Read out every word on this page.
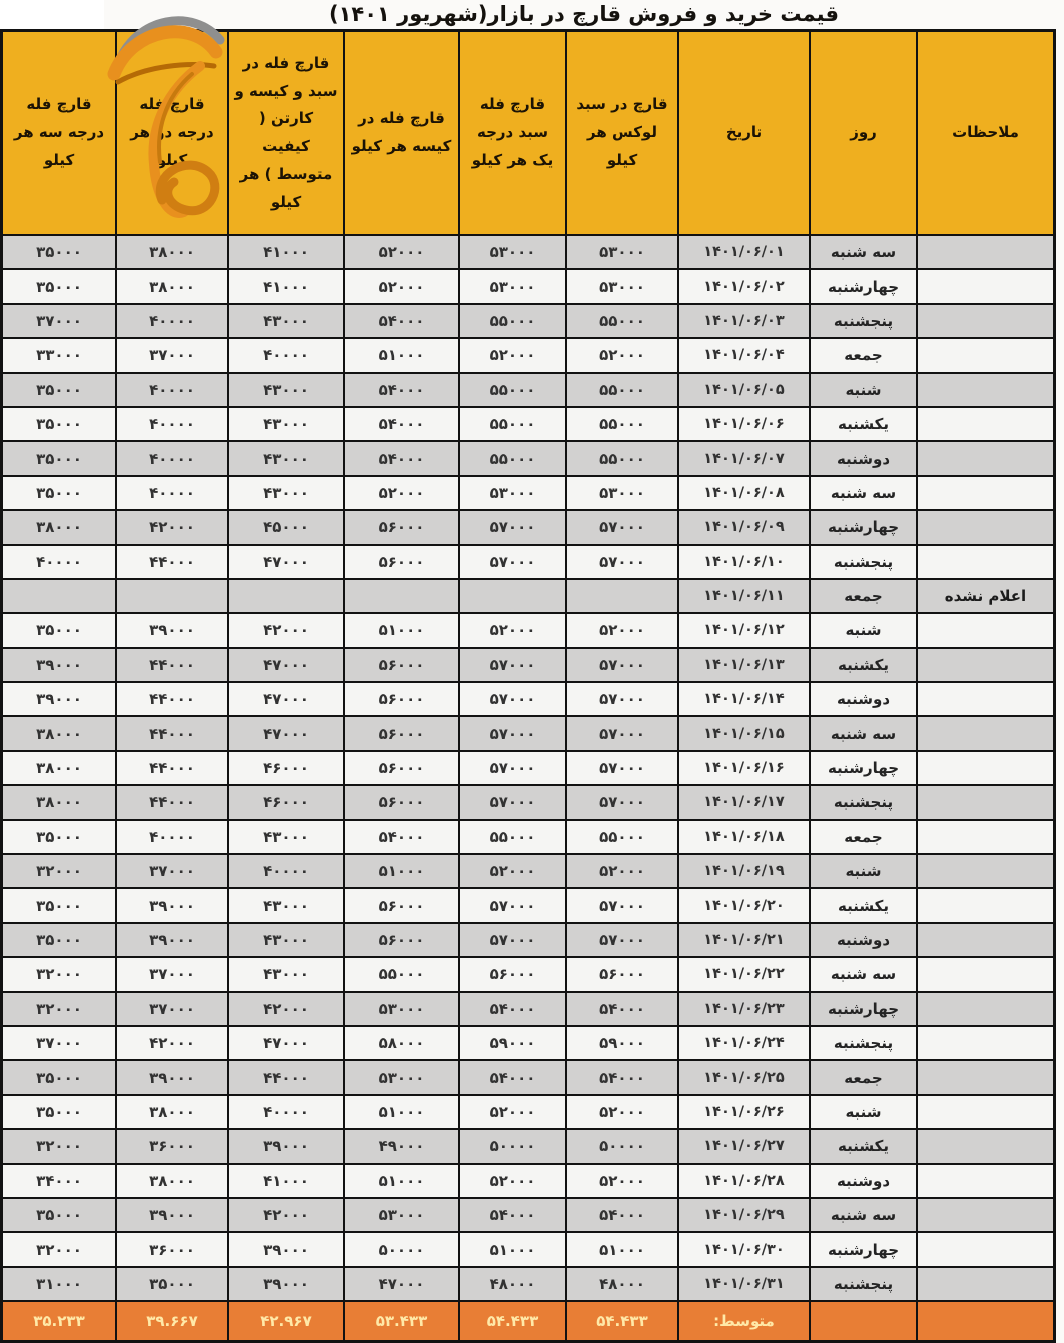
قیمت خرید و فروش قارچ در بازار(شهریور ۱۴۰۱)
ملاحظات	روز	تاریخ	قارچ در سبد لوکس هر کیلو	قارچ فله سبد درجه یک هر کیلو	قارچ فله در کیسه هر کیلو	قارچ فله در سبد و کیسه و کارتن ( کیفیت متوسط ) هر کیلو	قارچ فله درجه دو هر کیلو	قارچ فله درجه سه هر کیلو
	سه شنبه	۱۴۰۱/۰۶/۰۱	۵۳۰۰۰	۵۳۰۰۰	۵۲۰۰۰	۴۱۰۰۰	۳۸۰۰۰	۳۵۰۰۰
	چهارشنبه	۱۴۰۱/۰۶/۰۲	۵۳۰۰۰	۵۳۰۰۰	۵۲۰۰۰	۴۱۰۰۰	۳۸۰۰۰	۳۵۰۰۰
	پنجشنبه	۱۴۰۱/۰۶/۰۳	۵۵۰۰۰	۵۵۰۰۰	۵۴۰۰۰	۴۳۰۰۰	۴۰۰۰۰	۳۷۰۰۰
	جمعه	۱۴۰۱/۰۶/۰۴	۵۲۰۰۰	۵۲۰۰۰	۵۱۰۰۰	۴۰۰۰۰	۳۷۰۰۰	۳۳۰۰۰
	شنبه	۱۴۰۱/۰۶/۰۵	۵۵۰۰۰	۵۵۰۰۰	۵۴۰۰۰	۴۳۰۰۰	۴۰۰۰۰	۳۵۰۰۰
	یکشنبه	۱۴۰۱/۰۶/۰۶	۵۵۰۰۰	۵۵۰۰۰	۵۴۰۰۰	۴۳۰۰۰	۴۰۰۰۰	۳۵۰۰۰
	دوشنبه	۱۴۰۱/۰۶/۰۷	۵۵۰۰۰	۵۵۰۰۰	۵۴۰۰۰	۴۳۰۰۰	۴۰۰۰۰	۳۵۰۰۰
	سه شنبه	۱۴۰۱/۰۶/۰۸	۵۳۰۰۰	۵۳۰۰۰	۵۲۰۰۰	۴۳۰۰۰	۴۰۰۰۰	۳۵۰۰۰
	چهارشنبه	۱۴۰۱/۰۶/۰۹	۵۷۰۰۰	۵۷۰۰۰	۵۶۰۰۰	۴۵۰۰۰	۴۲۰۰۰	۳۸۰۰۰
	پنجشنبه	۱۴۰۱/۰۶/۱۰	۵۷۰۰۰	۵۷۰۰۰	۵۶۰۰۰	۴۷۰۰۰	۴۴۰۰۰	۴۰۰۰۰
اعلام نشده	جمعه	۱۴۰۱/۰۶/۱۱						
	شنبه	۱۴۰۱/۰۶/۱۲	۵۲۰۰۰	۵۲۰۰۰	۵۱۰۰۰	۴۲۰۰۰	۳۹۰۰۰	۳۵۰۰۰
	یکشنبه	۱۴۰۱/۰۶/۱۳	۵۷۰۰۰	۵۷۰۰۰	۵۶۰۰۰	۴۷۰۰۰	۴۴۰۰۰	۳۹۰۰۰
	دوشنبه	۱۴۰۱/۰۶/۱۴	۵۷۰۰۰	۵۷۰۰۰	۵۶۰۰۰	۴۷۰۰۰	۴۴۰۰۰	۳۹۰۰۰
	سه شنبه	۱۴۰۱/۰۶/۱۵	۵۷۰۰۰	۵۷۰۰۰	۵۶۰۰۰	۴۷۰۰۰	۴۴۰۰۰	۳۸۰۰۰
	چهارشنبه	۱۴۰۱/۰۶/۱۶	۵۷۰۰۰	۵۷۰۰۰	۵۶۰۰۰	۴۶۰۰۰	۴۴۰۰۰	۳۸۰۰۰
	پنجشنبه	۱۴۰۱/۰۶/۱۷	۵۷۰۰۰	۵۷۰۰۰	۵۶۰۰۰	۴۶۰۰۰	۴۴۰۰۰	۳۸۰۰۰
	جمعه	۱۴۰۱/۰۶/۱۸	۵۵۰۰۰	۵۵۰۰۰	۵۴۰۰۰	۴۳۰۰۰	۴۰۰۰۰	۳۵۰۰۰
	شنبه	۱۴۰۱/۰۶/۱۹	۵۲۰۰۰	۵۲۰۰۰	۵۱۰۰۰	۴۰۰۰۰	۳۷۰۰۰	۳۲۰۰۰
	یکشنبه	۱۴۰۱/۰۶/۲۰	۵۷۰۰۰	۵۷۰۰۰	۵۶۰۰۰	۴۳۰۰۰	۳۹۰۰۰	۳۵۰۰۰
	دوشنبه	۱۴۰۱/۰۶/۲۱	۵۷۰۰۰	۵۷۰۰۰	۵۶۰۰۰	۴۳۰۰۰	۳۹۰۰۰	۳۵۰۰۰
	سه شنبه	۱۴۰۱/۰۶/۲۲	۵۶۰۰۰	۵۶۰۰۰	۵۵۰۰۰	۴۳۰۰۰	۳۷۰۰۰	۳۲۰۰۰
	چهارشنبه	۱۴۰۱/۰۶/۲۳	۵۴۰۰۰	۵۴۰۰۰	۵۳۰۰۰	۴۲۰۰۰	۳۷۰۰۰	۳۲۰۰۰
	پنجشنبه	۱۴۰۱/۰۶/۲۴	۵۹۰۰۰	۵۹۰۰۰	۵۸۰۰۰	۴۷۰۰۰	۴۲۰۰۰	۳۷۰۰۰
	جمعه	۱۴۰۱/۰۶/۲۵	۵۴۰۰۰	۵۴۰۰۰	۵۳۰۰۰	۴۴۰۰۰	۳۹۰۰۰	۳۵۰۰۰
	شنبه	۱۴۰۱/۰۶/۲۶	۵۲۰۰۰	۵۲۰۰۰	۵۱۰۰۰	۴۰۰۰۰	۳۸۰۰۰	۳۵۰۰۰
	یکشنبه	۱۴۰۱/۰۶/۲۷	۵۰۰۰۰	۵۰۰۰۰	۴۹۰۰۰	۳۹۰۰۰	۳۶۰۰۰	۳۲۰۰۰
	دوشنبه	۱۴۰۱/۰۶/۲۸	۵۲۰۰۰	۵۲۰۰۰	۵۱۰۰۰	۴۱۰۰۰	۳۸۰۰۰	۳۴۰۰۰
	سه شنبه	۱۴۰۱/۰۶/۲۹	۵۴۰۰۰	۵۴۰۰۰	۵۳۰۰۰	۴۲۰۰۰	۳۹۰۰۰	۳۵۰۰۰
	چهارشنبه	۱۴۰۱/۰۶/۳۰	۵۱۰۰۰	۵۱۰۰۰	۵۰۰۰۰	۳۹۰۰۰	۳۶۰۰۰	۳۲۰۰۰
	پنجشنبه	۱۴۰۱/۰۶/۳۱	۴۸۰۰۰	۴۸۰۰۰	۴۷۰۰۰	۳۹۰۰۰	۳۵۰۰۰	۳۱۰۰۰
		متوسط:	۵۴.۴۳۳	۵۴.۴۳۳	۵۳.۴۳۳	۴۲.۹۶۷	۳۹.۶۶۷	۳۵.۲۳۳
